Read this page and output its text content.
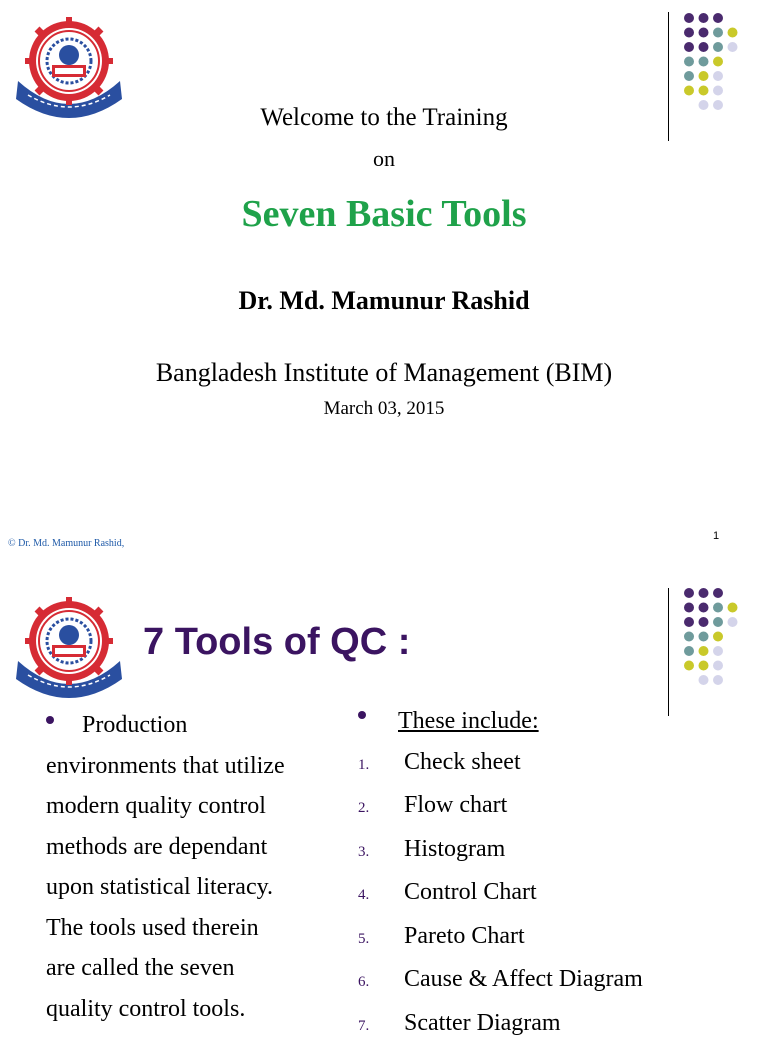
Welcome to the Training
on
Seven Basic Tools
Dr. Md. Mamunur Rashid
Bangladesh Institute of Management (BIM)
March 03, 2015
© Dr. Md. Mamunur Rashid,
1
7 Tools of QC :
Production
environments that utilize
modern quality control
methods are dependant
upon statistical literacy.
The tools used therein
are called the seven
quality control tools.
These include:
1.	Check sheet
2.	Flow chart
3.	Histogram
4.	Control Chart
5.	Pareto Chart
6.	Cause & Affect Diagram
7.	Scatter Diagram
